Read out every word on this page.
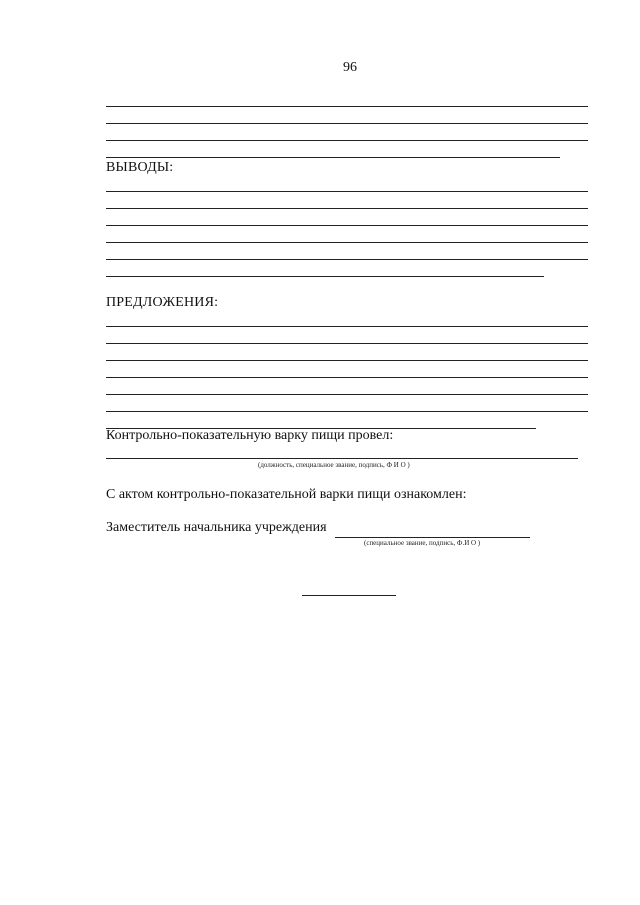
96
ВЫВОДЫ:
ПРЕДЛОЖЕНИЯ:
Контрольно-показательную варку пищи провел:
(должность, специальное звание, подпись, Ф И О )
С актом контрольно-показательной варки пищи ознакомлен:
Заместитель начальника учреждения
(специальное звание, подпись, Ф.И О )
